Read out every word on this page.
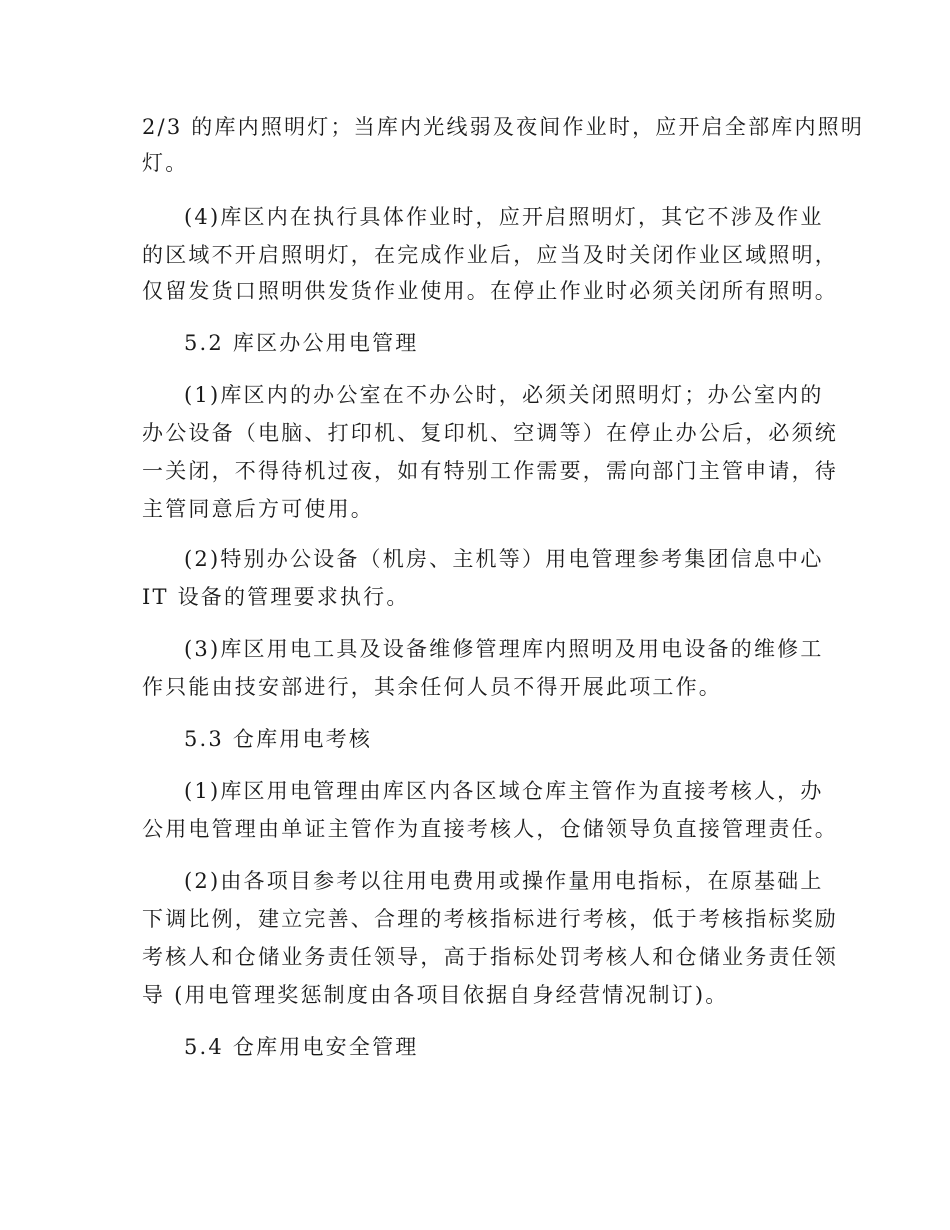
2/3 的库内照明灯；当库内光线弱及夜间作业时，应开启全部库内照明
灯。
(4)库区内在执行具体作业时，应开启照明灯，其它不涉及作业
的区域不开启照明灯，在完成作业后，应当及时关闭作业区域照明，
仅留发货口照明供发货作业使用。在停止作业时必须关闭所有照明。
5.2 库区办公用电管理
(1)库区内的办公室在不办公时，必须关闭照明灯；办公室内的
办公设备（电脑、打印机、复印机、空调等）在停止办公后，必须统
一关闭，不得待机过夜，如有特别工作需要，需向部门主管申请，待
主管同意后方可使用。
(2)特别办公设备（机房、主机等）用电管理参考集团信息中心
IT 设备的管理要求执行。
(3)库区用电工具及设备维修管理库内照明及用电设备的维修工
作只能由技安部进行，其余任何人员不得开展此项工作。
5.3 仓库用电考核
(1)库区用电管理由库区内各区域仓库主管作为直接考核人，办
公用电管理由单证主管作为直接考核人，仓储领导负直接管理责任。
(2)由各项目参考以往用电费用或操作量用电指标，在原基础上
下调比例，建立完善、合理的考核指标进行考核，低于考核指标奖励
考核人和仓储业务责任领导，高于指标处罚考核人和仓储业务责任领
导 (用电管理奖惩制度由各项目依据自身经营情况制订)。
5.4 仓库用电安全管理
